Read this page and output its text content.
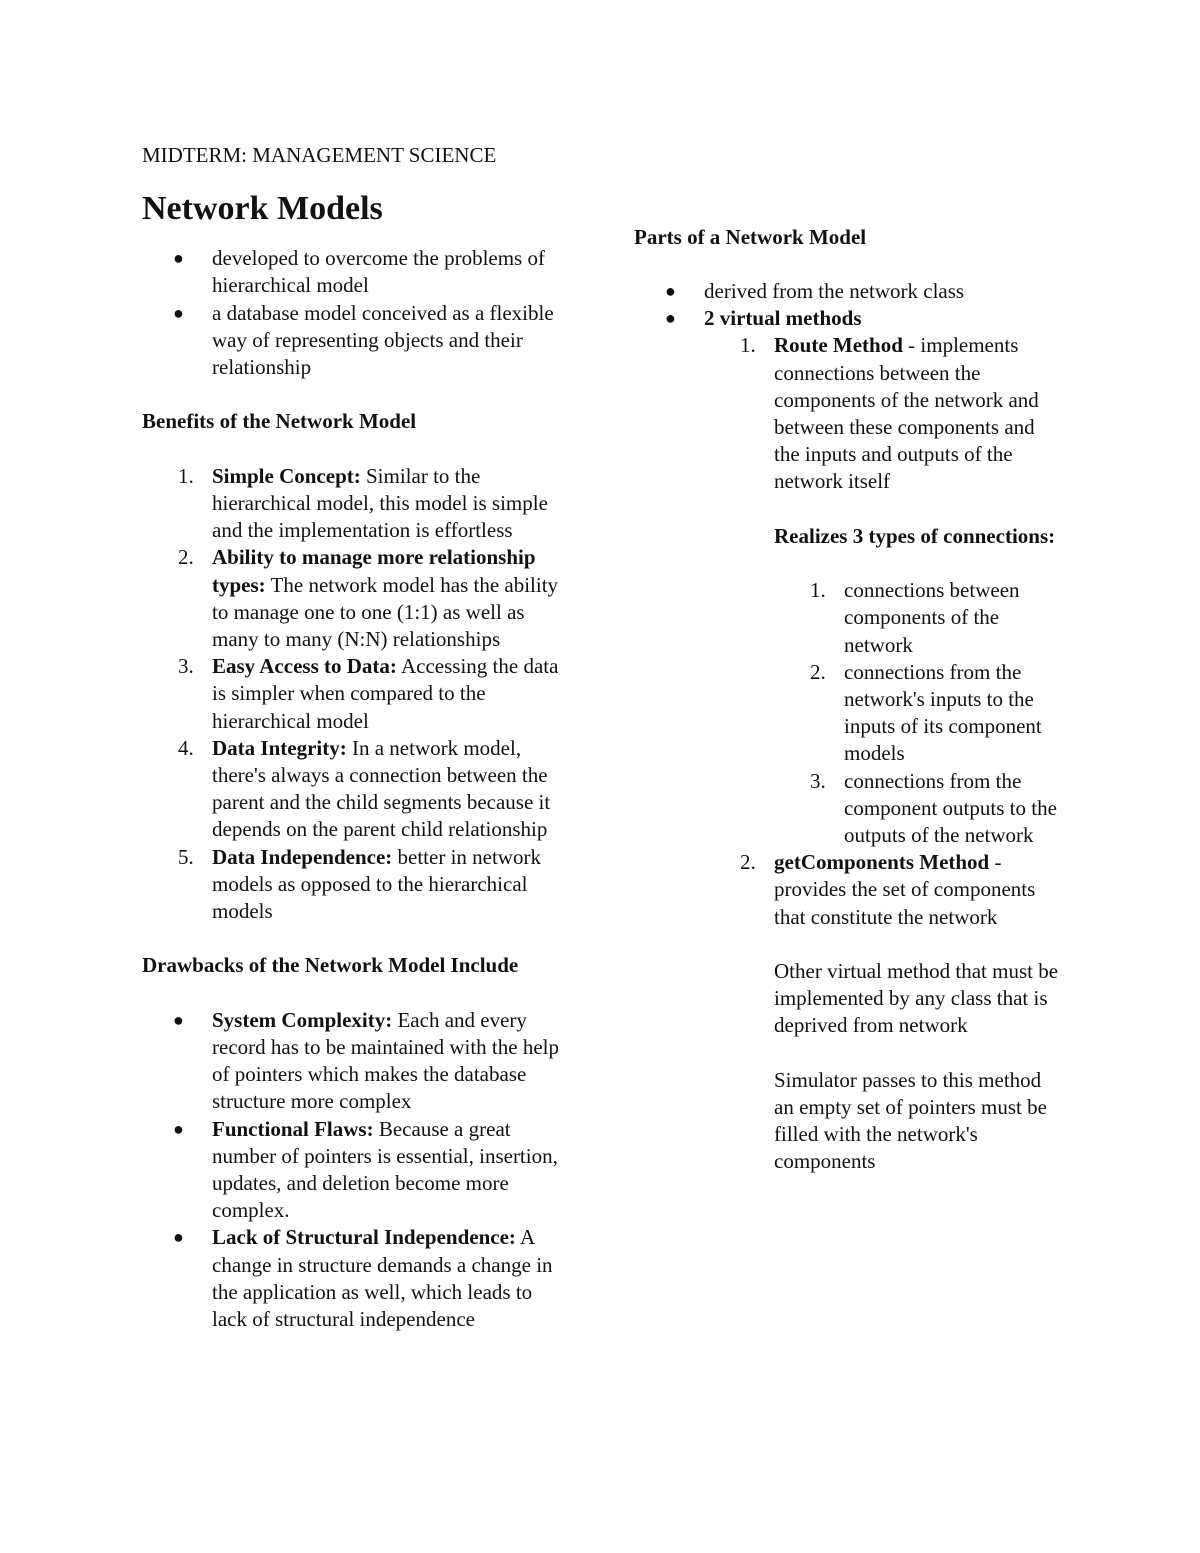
MIDTERM: MANAGEMENT SCIENCE

Network Models
● developed to overcome the problems of hierarchical model
● a database model conceived as a flexible way of representing objects and their relationship
Benefits of the Network Model
1. Simple Concept: Similar to the hierarchical model, this model is simple and the implementation is effortless
2. Ability to manage more relationship types: The network model has the ability to manage one to one (1:1) as well as many to many (N:N) relationships
3. Easy Access to Data: Accessing the data is simpler when compared to the hierarchical model
4. Data Integrity: In a network model, there's always a connection between the parent and the child segments because it depends on the parent child relationship
5. Data Independence: better in network models as opposed to the hierarchical models
Drawbacks of the Network Model Include
● System Complexity: Each and every record has to be maintained with the help of pointers which makes the database structure more complex
● Functional Flaws: Because a great number of pointers is essential, insertion, updates, and deletion become more complex.
● Lack of Structural Independence: A change in structure demands a change in the application as well, which leads to lack of structural independence
Parts of a Network Model
● derived from the network class
● 2 virtual methods
1. Route Method - implements connections between the components of the network and between these components and the inputs and outputs of the network itself

Realizes 3 types of connections:

1. connections between components of the network
2. connections from the network's inputs to the inputs of its component models
3. connections from the component outputs to the outputs of the network
2. getComponents Method - provides the set of components that constitute the network

Other virtual method that must be implemented by any class that is deprived from network

Simulator passes to this method an empty set of pointers must be filled with the network's components
